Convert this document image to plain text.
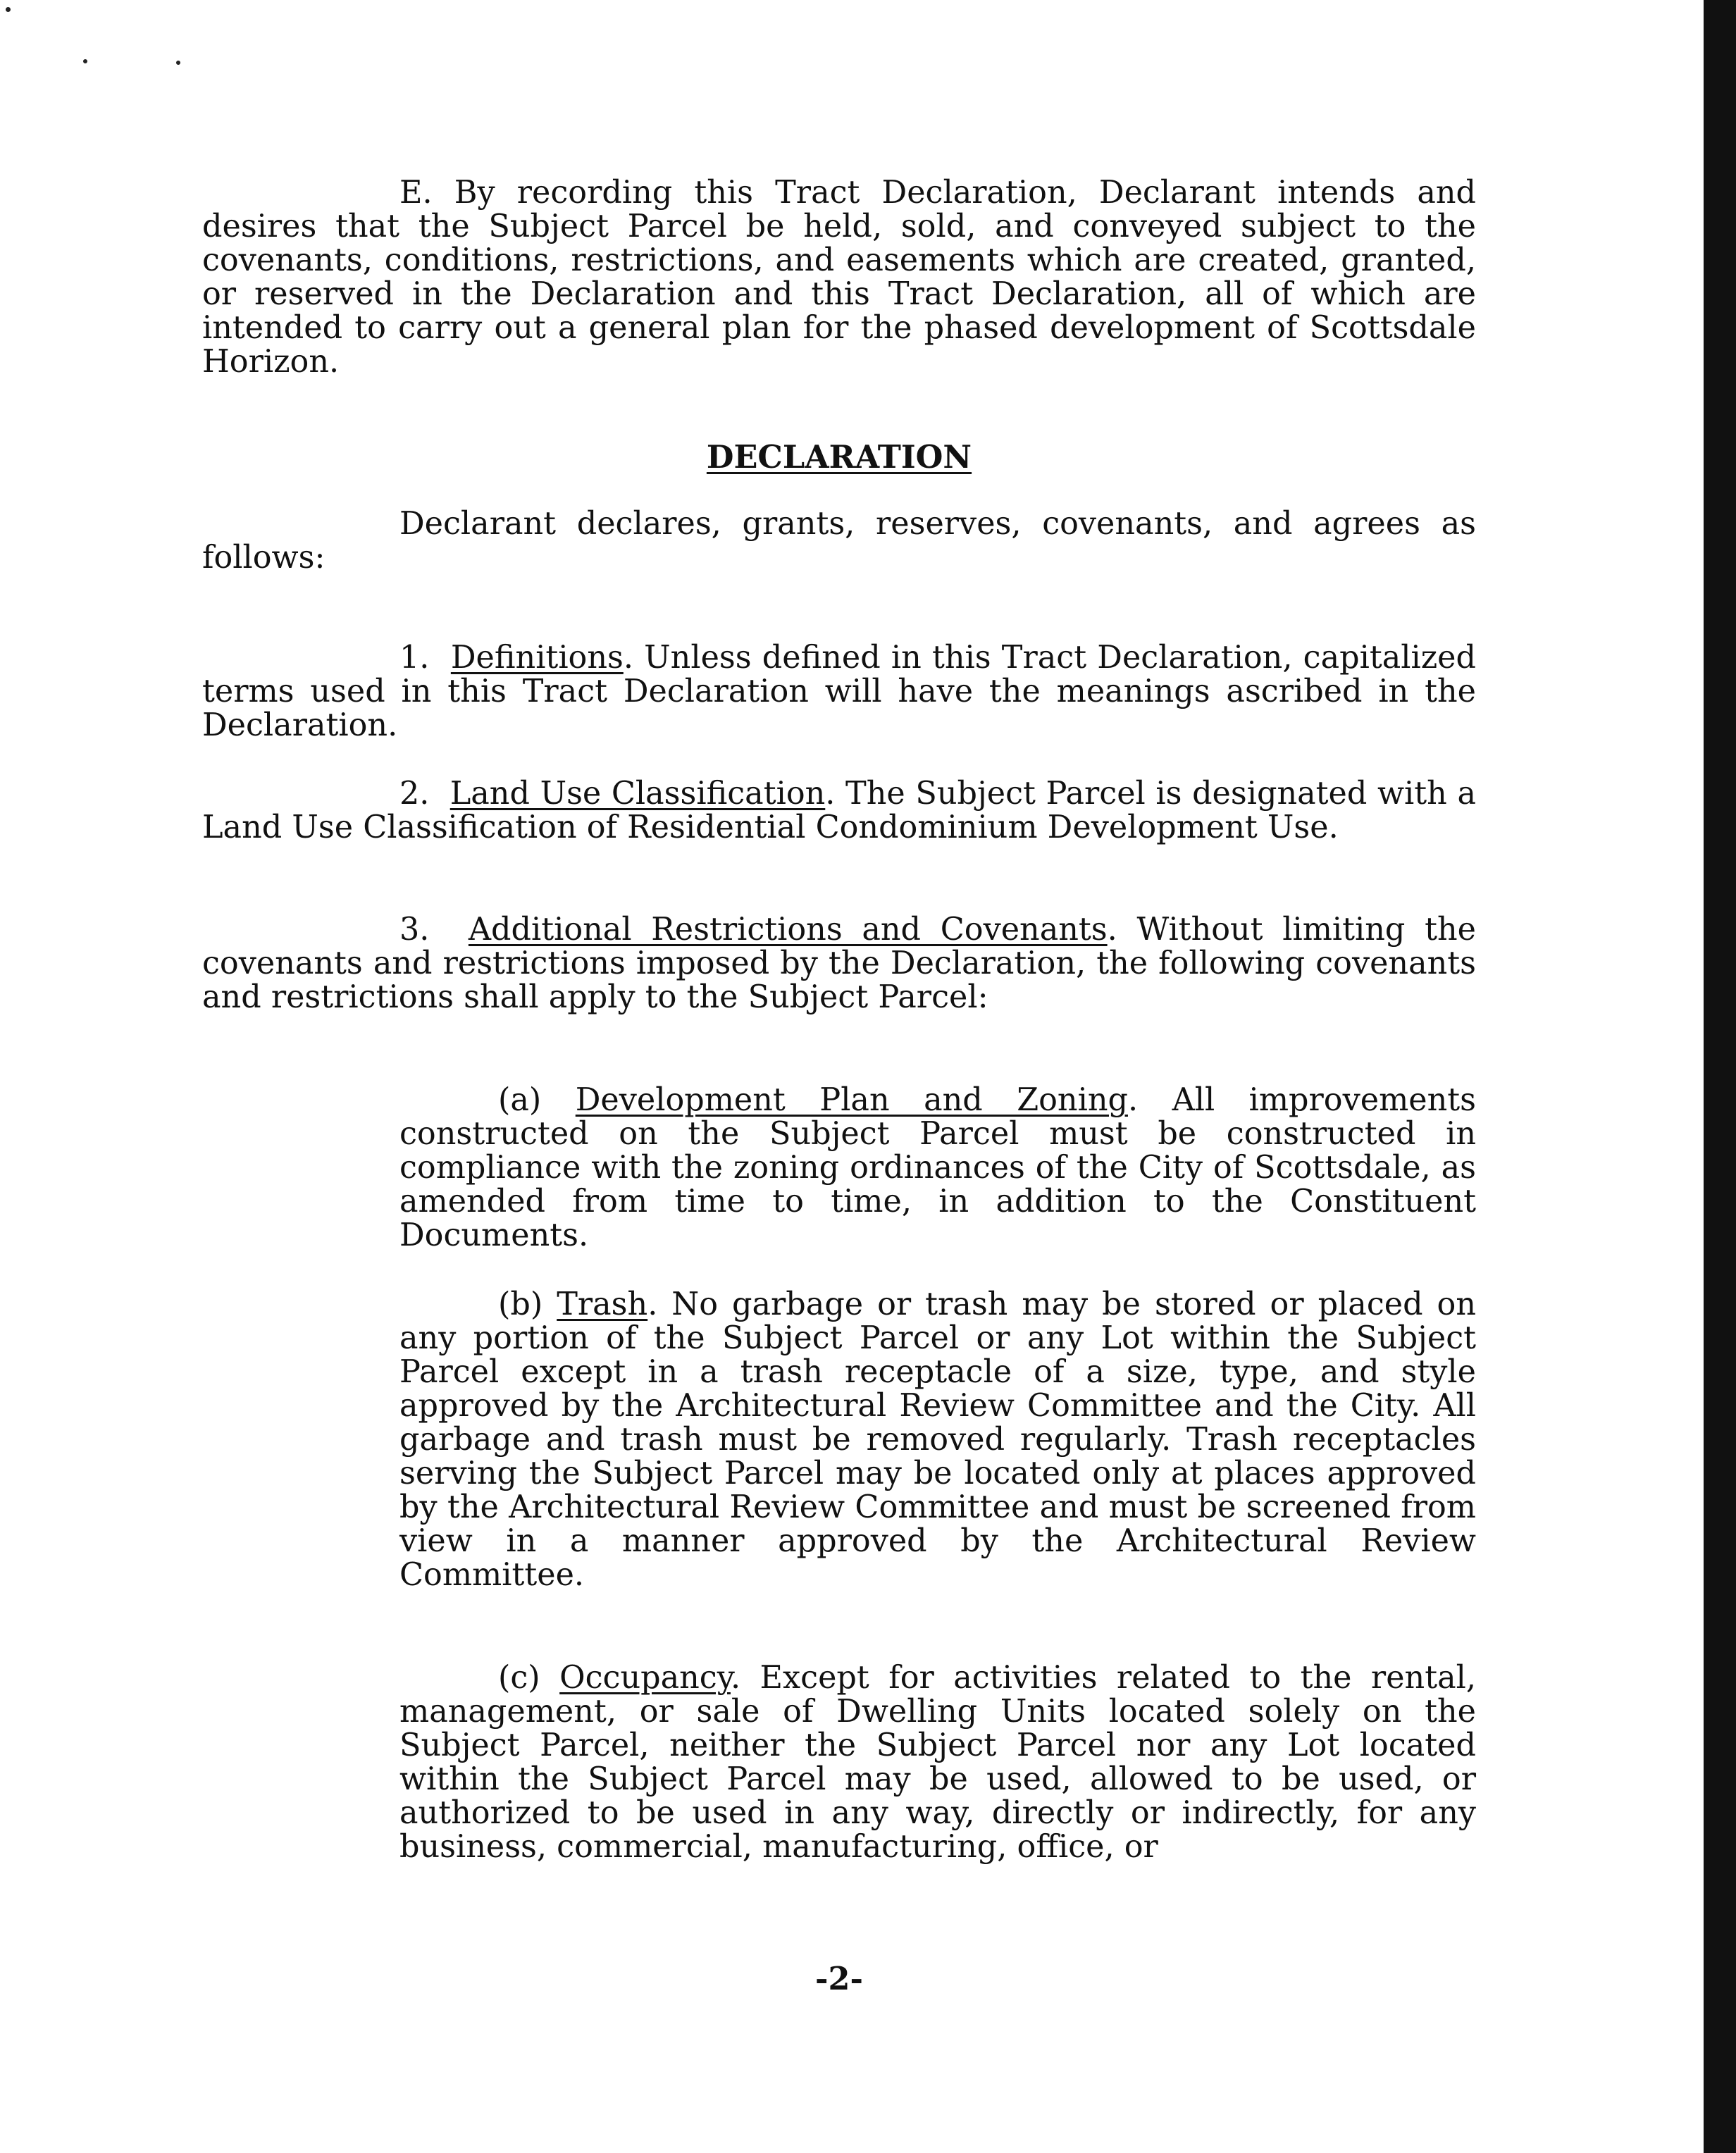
E. By recording this Tract Declaration, Declarant intends and desires that the Subject Parcel be held, sold, and conveyed subject to the covenants, conditions, restrictions, and easements which are created, granted, or reserved in the Declaration and this Tract Declaration, all of which are intended to carry out a general plan for the phased development of Scottsdale Horizon.

DECLARATION

Declarant declares, grants, reserves, covenants, and agrees as follows:

1. Definitions. Unless defined in this Tract Declaration, capitalized terms used in this Tract Declaration will have the meanings ascribed in the Declaration.

2. Land Use Classification. The Subject Parcel is designated with a Land Use Classification of Residential Condominium Development Use.

3. Additional Restrictions and Covenants. Without limiting the covenants and restrictions imposed by the Declaration, the following covenants and restrictions shall apply to the Subject Parcel:

(a) Development Plan and Zoning. All improvements constructed on the Subject Parcel must be constructed in compliance with the zoning ordinances of the City of Scottsdale, as amended from time to time, in addition to the Constituent Documents.

(b) Trash. No garbage or trash may be stored or placed on any portion of the Subject Parcel or any Lot within the Subject Parcel except in a trash receptacle of a size, type, and style approved by the Architectural Review Committee and the City. All garbage and trash must be removed regularly. Trash receptacles serving the Subject Parcel may be located only at places approved by the Architectural Review Committee and must be screened from view in a manner approved by the Architectural Review Committee.

(c) Occupancy. Except for activities related to the rental, management, or sale of Dwelling Units located solely on the Subject Parcel, neither the Subject Parcel nor any Lot located within the Subject Parcel may be used, allowed to be used, or authorized to be used in any way, directly or indirectly, for any business, commercial, manufacturing, office, or

-2-
